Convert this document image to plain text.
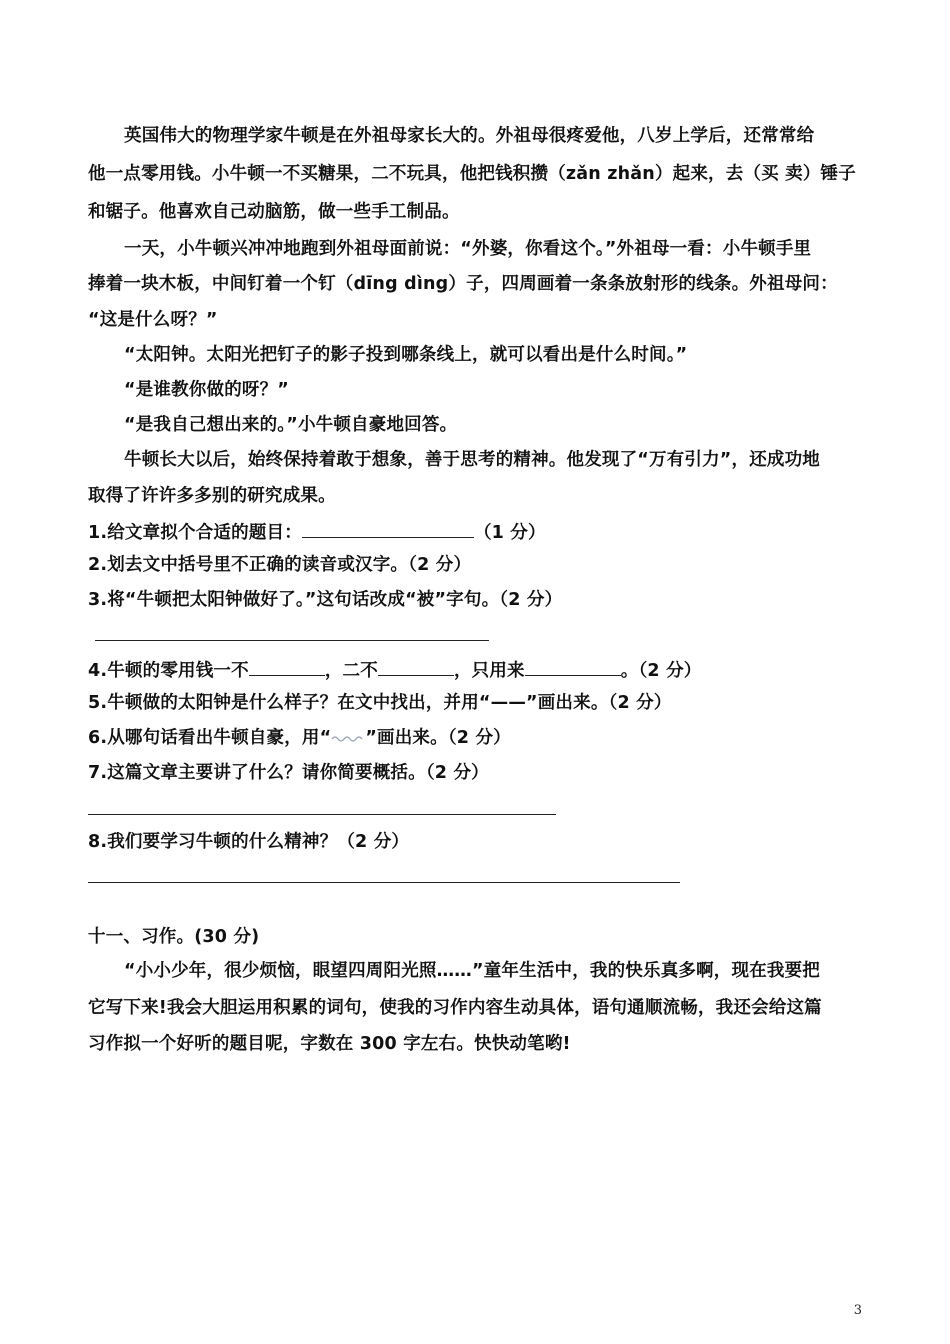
英国伟大的物理学家牛顿是在外祖母家长大的。外祖母很疼爱他，八岁上学后，还常常给
他一点零用钱。小牛顿一不买糖果，二不玩具，他把钱积攒（zǎn zhǎn）起来，去（买 卖）锤子
和锯子。他喜欢自己动脑筋，做一些手工制品。
一天，小牛顿兴冲冲地跑到外祖母面前说：“外婆，你看这个。”外祖母一看：小牛顿手里
捧着一块木板，中间钉着一个钉（dīng dìng）子，四周画着一条条放射形的线条。外祖母问：
“这是什么呀？”
“太阳钟。太阳光把钉子的影子投到哪条线上，就可以看出是什么时间。”
“是谁教你做的呀？”
“是我自己想出来的。”小牛顿自豪地回答。
牛顿长大以后，始终保持着敢于想象，善于思考的精神。他发现了“万有引力”，还成功地
取得了许许多多别的研究成果。
1.给文章拟个合适的题目：	（1 分）
2.划去文中括号里不正确的读音或汉字。（2 分）
3.将“牛顿把太阳钟做好了。”这句话改成“被”字句。（2 分）
4.牛顿的零用钱一不	，二不	，只用来	。（2 分）
5.牛顿做的太阳钟是什么样子？在文中找出，并用“——”画出来。（2 分）
6.从哪句话看出牛顿自豪，用“ ”画出来。（2 分）
7.这篇文章主要讲了什么？请你简要概括。（2 分）
8.我们要学习牛顿的什么精神？（2 分）
十一、习作。(30 分)
“小小少年，很少烦恼，眼望四周阳光照……”童年生活中，我的快乐真多啊，现在我要把
它写下来!我会大胆运用积累的词句，使我的习作内容生动具体，语句通顺流畅，我还会给这篇
习作拟一个好听的题目呢，字数在 300 字左右。快快动笔哟!
3
